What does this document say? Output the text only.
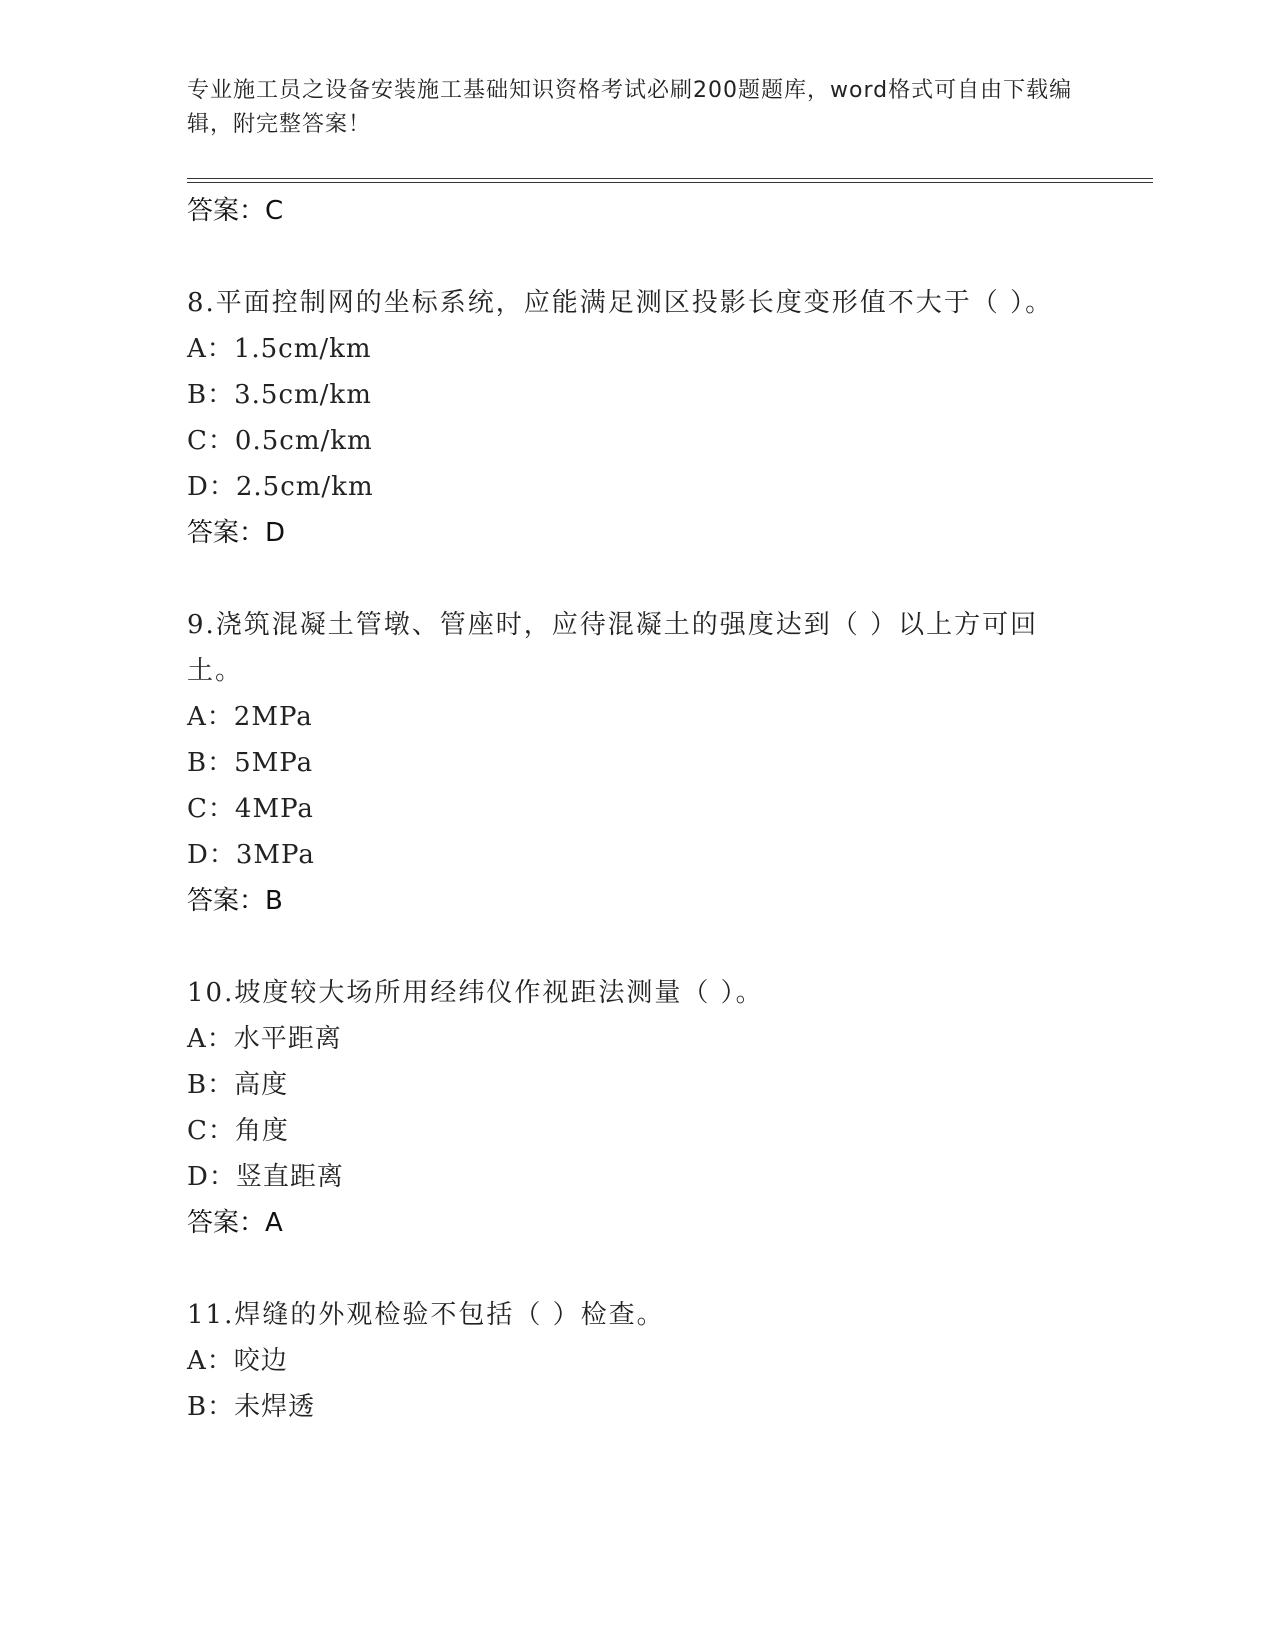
专业施工员之设备安装施工基础知识资格考试必刷200题题库，word格式可自由下载编辑，附完整答案！
答案：C
8.平面控制网的坐标系统，应能满足测区投影长度变形值不大于（ ）。
A：1.5cm/km
B：3.5cm/km
C：0.5cm/km
D：2.5cm/km
答案：D
9.浇筑混凝土管墩、管座时，应待混凝土的强度达到（ ）以上方可回土。
A：2MPa
B：5MPa
C：4MPa
D：3MPa
答案：B
10.坡度较大场所用经纬仪作视距法测量（ ）。
A：水平距离
B：高度
C：角度
D：竖直距离
答案：A
11.焊缝的外观检验不包括（ ）检查。
A：咬边
B：未焊透
